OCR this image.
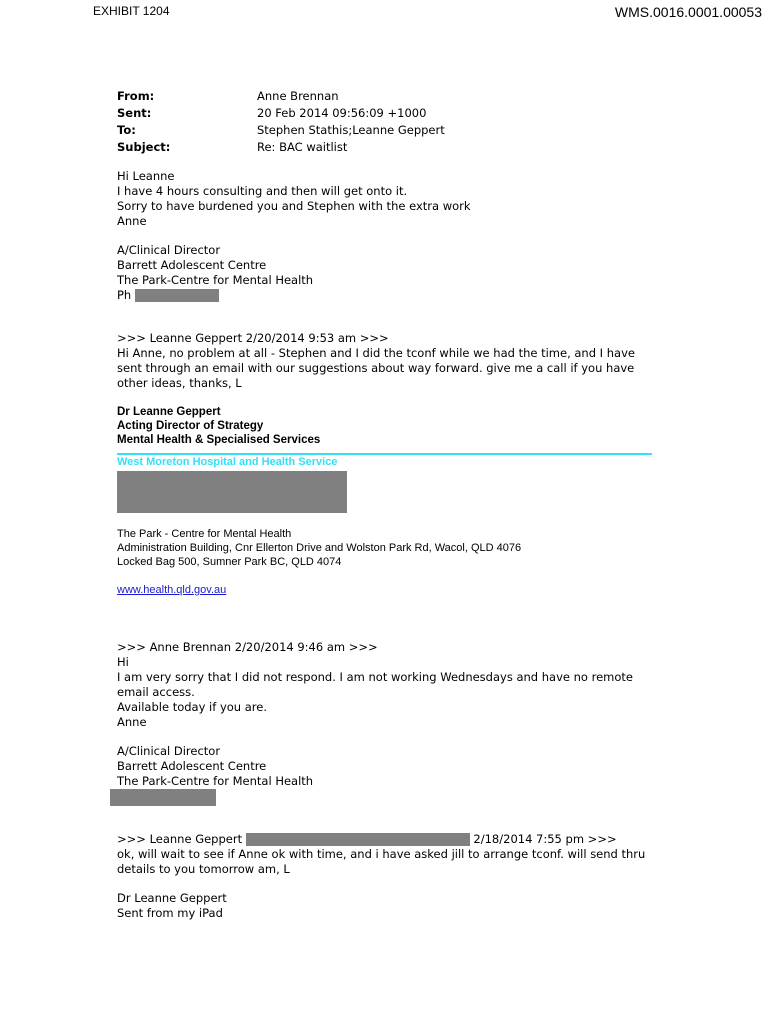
EXHIBIT 1204	WMS.0016.0001.00053
From:	Anne Brennan
Sent:	20 Feb 2014 09:56:09 +1000
To:	Stephen Stathis;Leanne Geppert
Subject:	Re: BAC waitlist
Hi Leanne
I have 4 hours consulting and then will get onto it.
Sorry to have burdened you and Stephen with the extra work
Anne
A/Clinical Director
Barrett Adolescent Centre
The Park-Centre for Mental Health
Ph
>>> Leanne Geppert 2/20/2014 9:53 am >>>
Hi Anne, no problem at all - Stephen and I did the tconf while we had the time, and I have
sent through an email with our suggestions about way forward. give me a call if you have
other ideas, thanks, L
Dr Leanne Geppert
Acting Director of Strategy
Mental Health & Specialised Services
West Moreton Hospital and Health Service
The Park - Centre for Mental Health
Administration Building, Cnr Ellerton Drive and Wolston Park Rd, Wacol, QLD 4076
Locked Bag 500, Sumner Park BC, QLD 4074
www.health.qld.gov.au
>>> Anne Brennan 2/20/2014 9:46 am >>>
Hi
I am very sorry that I did not respond. I am not working Wednesdays and have no remote
email access.
Available today if you are.
Anne
A/Clinical Director
Barrett Adolescent Centre
The Park-Centre for Mental Health
>>> Leanne Geppert	2/18/2014 7:55 pm >>>
ok, will wait to see if Anne ok with time, and i have asked jill to arrange tconf. will send thru
details to you tomorrow am, L
Dr Leanne Geppert
Sent from my iPad
